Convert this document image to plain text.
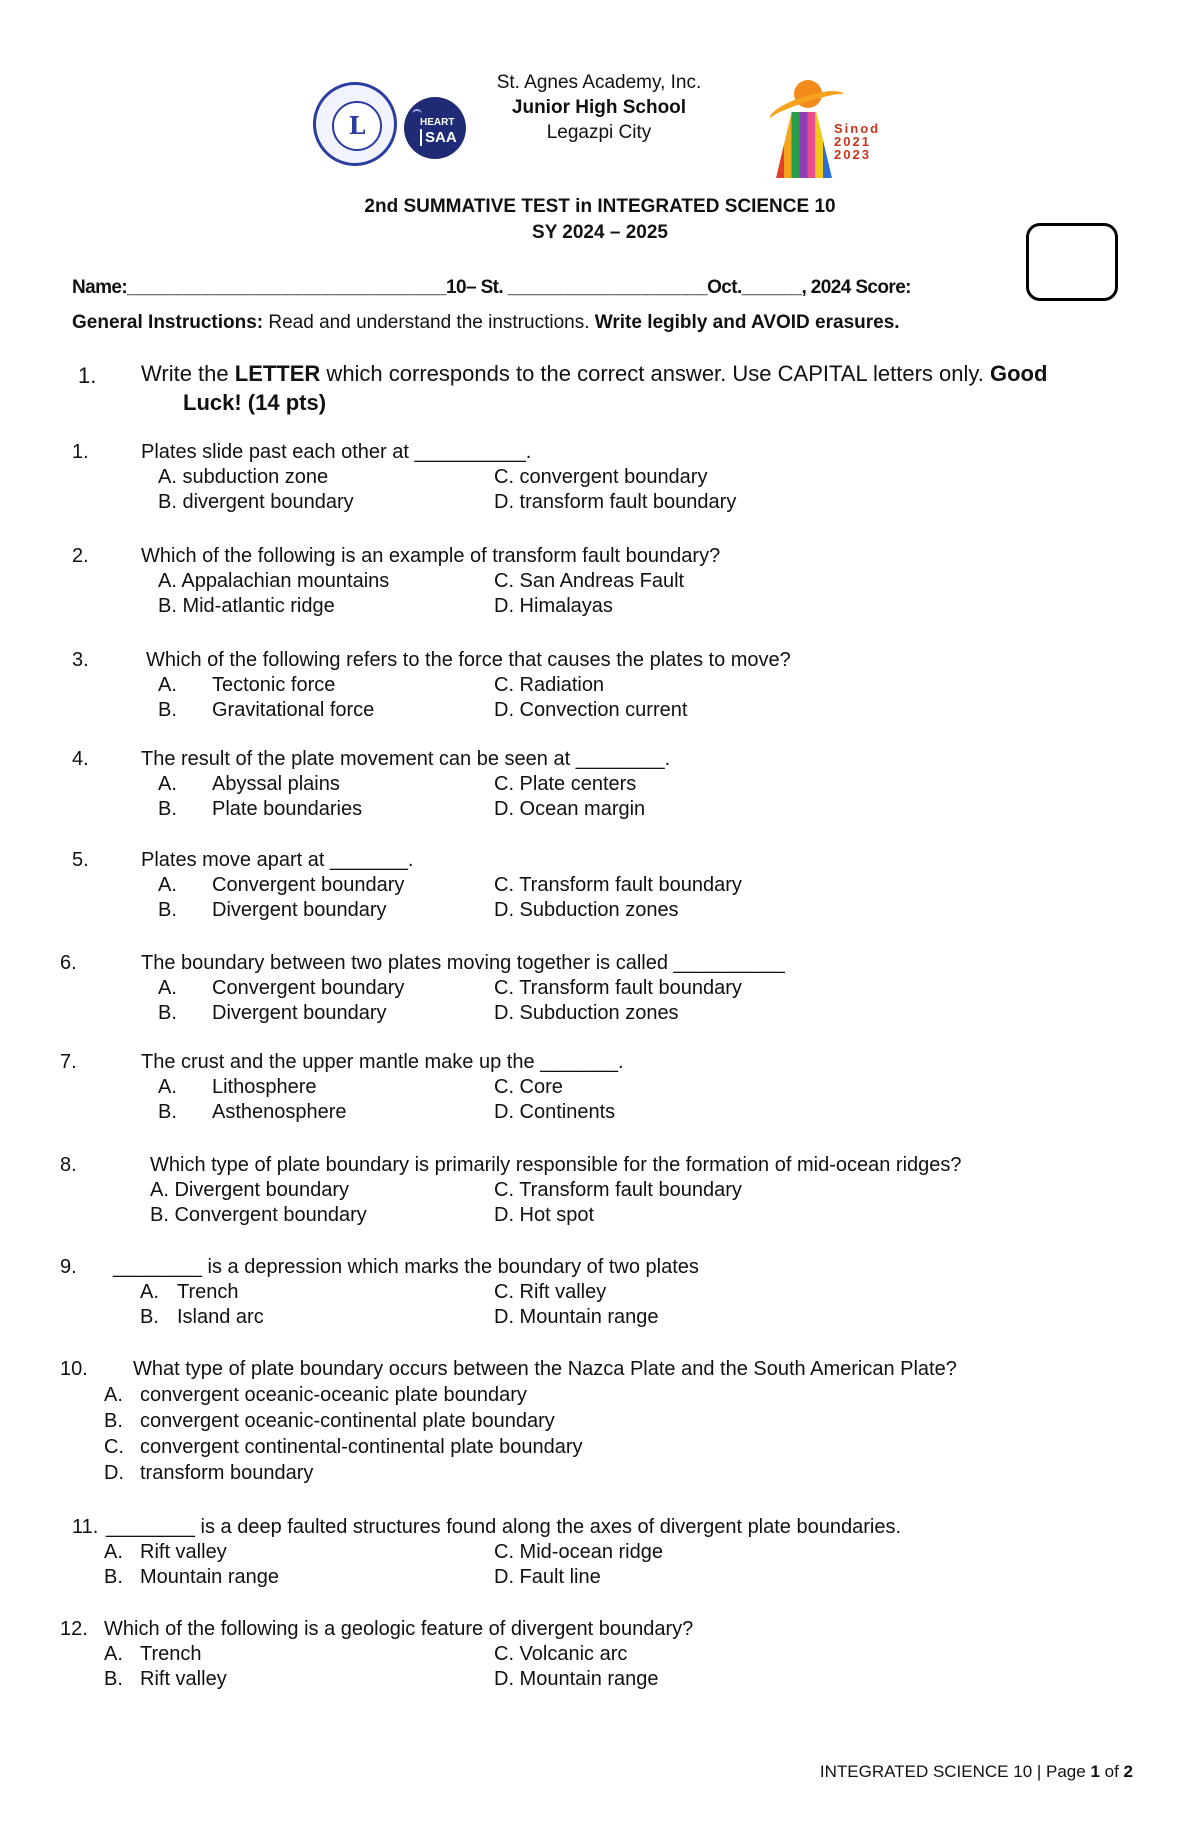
L	HEART
SAA
St. Agnes Academy, Inc.
Junior High School
Legazpi City	Sinod
2021
2023
2nd SUMMATIVE TEST in INTEGRATED SCIENCE 10
SY 2024 – 2025
Name:________________________________10– St. ____________________Oct.______, 2024 Score:
General Instructions: Read and understand the instructions. Write legibly and AVOID erasures.
1. Write the LETTER which corresponds to the correct answer. Use CAPITAL letters only. Good
Luck! (14 pts)
1.	Plates slide past each other at __________.
A. subduction zone	C. convergent boundary
B. divergent boundary	D. transform fault boundary
2.	Which of the following is an example of transform fault boundary?
A. Appalachian mountains	C. San Andreas Fault
B. Mid-atlantic ridge	D. Himalayas
3.	Which of the following refers to the force that causes the plates to move?
A. Tectonic force	C. Radiation
B. Gravitational force	D. Convection current
4.	The result of the plate movement can be seen at ________.
A. Abyssal plains	C. Plate centers
B. Plate boundaries	D. Ocean margin
5.	Plates move apart at _______.
A. Convergent boundary	C. Transform fault boundary
B. Divergent boundary	D. Subduction zones
6.	The boundary between two plates moving together is called __________
A. Convergent boundary	C. Transform fault boundary
B. Divergent boundary	D. Subduction zones
7.	The crust and the upper mantle make up the _______.
A. Lithosphere	C. Core
B. Asthenosphere	D. Continents
8.	Which type of plate boundary is primarily responsible for the formation of mid-ocean ridges?
A. Divergent boundary	C. Transform fault boundary
B. Convergent boundary	D. Hot spot
9. ________ is a depression which marks the boundary of two plates
A. Trench	C. Rift valley
B. Island arc	D. Mountain range
10. What type of plate boundary occurs between the Nazca Plate and the South American Plate?
A. convergent oceanic-oceanic plate boundary
B. convergent oceanic-continental plate boundary
C. convergent continental-continental plate boundary
D. transform boundary
11. ________ is a deep faulted structures found along the axes of divergent plate boundaries.
A. Rift valley	C. Mid-ocean ridge
B. Mountain range	D. Fault line
12. Which of the following is a geologic feature of divergent boundary?
A. Trench	C. Volcanic arc
B. Rift valley	D. Mountain range
INTEGRATED SCIENCE 10 | Page 1 of 2
